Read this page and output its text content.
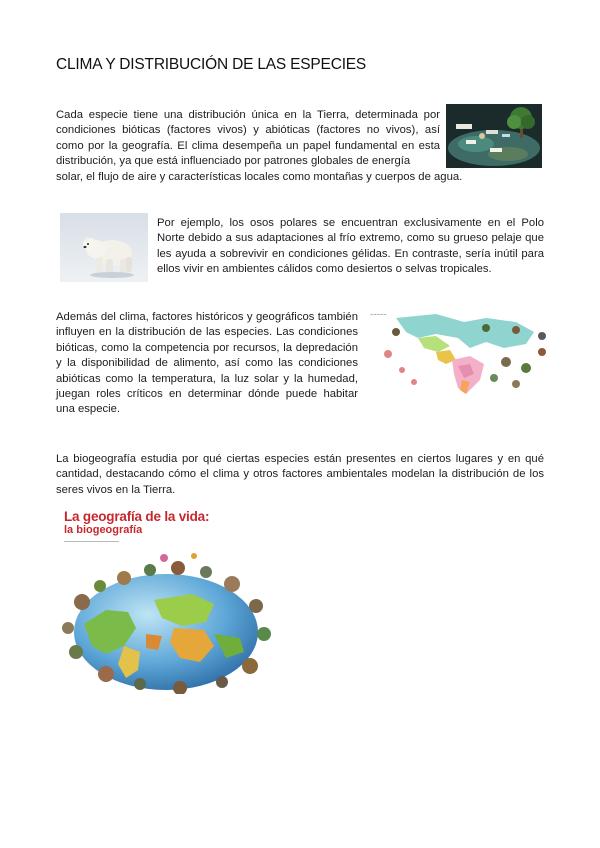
CLIMA Y DISTRIBUCIÓN DE LAS ESPECIES

Cada especie tiene una distribución única en la Tierra, determinada por condiciones bióticas (factores vivos) y abióticas (factores no vivos), así como por la geografía. El clima desempeña un papel fundamental en esta distribución, ya que está influenciado por patrones globales de energía
solar, el flujo de aire y características locales como montañas y cuerpos de agua.

Por ejemplo, los osos polares se encuentran exclusivamente en el Polo Norte debido a sus adaptaciones al frío extremo, como su grueso pelaje que les ayuda a sobrevivir en condiciones gélidas. En contraste, sería inútil para ellos vivir en ambientes cálidos como desiertos o selvas tropicales.

Además del clima, factores históricos y geográficos también influyen en la distribución de las especies. Las condiciones bióticas, como la competencia por recursos, la depredación y la disponibilidad de alimento, así como las condiciones abióticas como la temperatura, la luz solar y la humedad, juegan roles críticos en determinar dónde puede habitar una especie.

~~~~~

La biogeografía estudia por qué ciertas especies están presentes en ciertos lugares y en qué cantidad, destacando cómo el clima y otros factores ambientales modelan la distribución de los seres vivos en la Tierra.

La geografía de la vida:
la biogeografía
